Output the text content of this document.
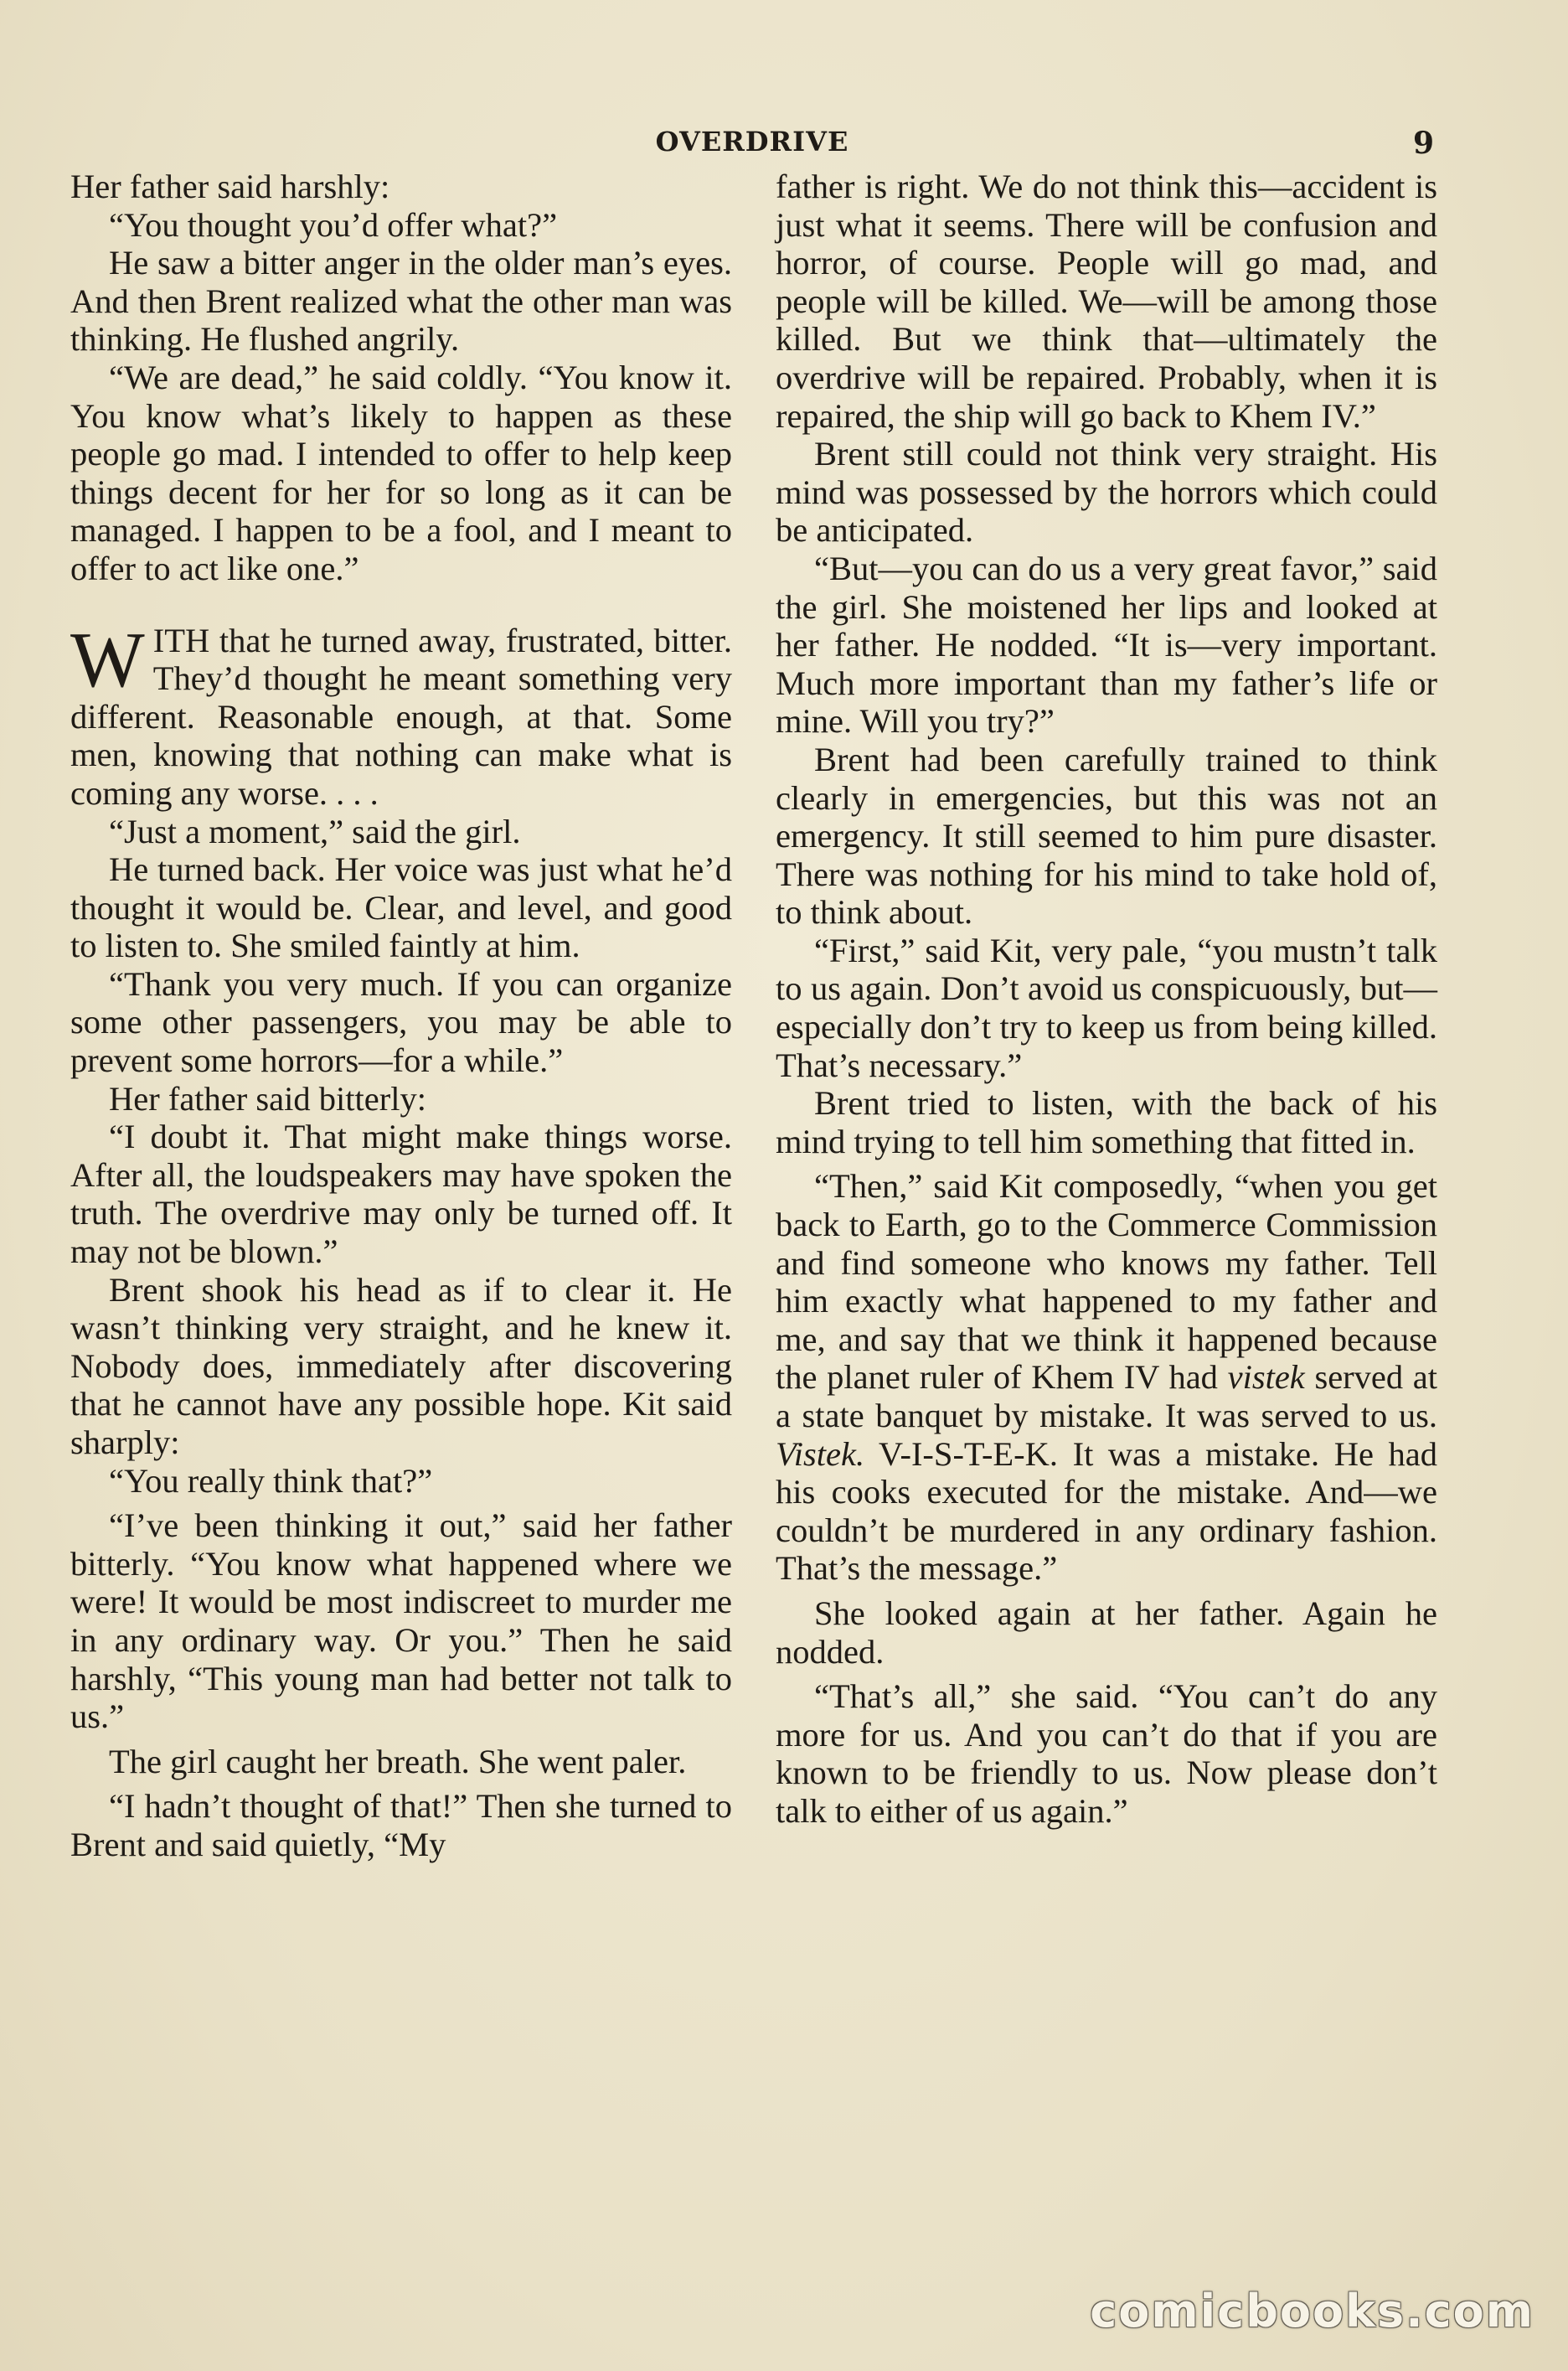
OVERDRIVE	9

Her father said harshly:

“You thought you’d offer what?”

He saw a bitter anger in the older man’s eyes. And then Brent realized what the other man was thinking. He flushed angrily.

“We are dead,” he said coldly. “You know it. You know what’s likely to happen as these people go mad. I intended to offer to help keep things decent for her for so long as it can be managed. I happen to be a fool, and I meant to offer to act like one.”

WITH that he turned away, frustrated, bitter. They’d thought he meant something very different. Reasonable enough, at that. Some men, knowing that nothing can make what is coming any worse. . . .

“Just a moment,” said the girl.

He turned back. Her voice was just what he’d thought it would be. Clear, and level, and good to listen to. She smiled faintly at him.

“Thank you very much. If you can organize some other passengers, you may be able to prevent some horrors—for a while.”

Her father said bitterly:

“I doubt it. That might make things worse. After all, the loudspeakers may have spoken the truth. The overdrive may only be turned off. It may not be blown.”

Brent shook his head as if to clear it. He wasn’t thinking very straight, and he knew it. Nobody does, immediately after discovering that he cannot have any possible hope. Kit said sharply:

“You really think that?”

“I’ve been thinking it out,” said her father bitterly. “You know what happened where we were! It would be most indiscreet to murder me in any ordinary way. Or you.” Then he said harshly, “This young man had better not talk to us.”

The girl caught her breath. She went paler.

“I hadn’t thought of that!” Then she turned to Brent and said quietly, “My

father is right. We do not think this—accident is just what it seems. There will be confusion and horror, of course. People will go mad, and people will be killed. We—will be among those killed. But we think that—ultimately the overdrive will be repaired. Probably, when it is repaired, the ship will go back to Khem IV.”

Brent still could not think very straight. His mind was possessed by the horrors which could be anticipated.

“But—you can do us a very great favor,” said the girl. She moistened her lips and looked at her father. He nodded. “It is—very important. Much more important than my father’s life or mine. Will you try?”

Brent had been carefully trained to think clearly in emergencies, but this was not an emergency. It still seemed to him pure disaster. There was nothing for his mind to take hold of, to think about.

“First,” said Kit, very pale, “you mustn’t talk to us again. Don’t avoid us conspicuously, but—especially don’t try to keep us from being killed. That’s necessary.”

Brent tried to listen, with the back of his mind trying to tell him something that fitted in.

“Then,” said Kit composedly, “when you get back to Earth, go to the Commerce Commission and find someone who knows my father. Tell him exactly what happened to my father and me, and say that we think it happened because the planet ruler of Khem IV had vistek served at a state banquet by mistake. It was served to us. Vistek. V-I-S-T-E-K. It was a mistake. He had his cooks executed for the mistake. And—we couldn’t be murdered in any ordinary fashion. That’s the message.”

She looked again at her father. Again he nodded.

“That’s all,” she said. “You can’t do any more for us. And you can’t do that if you are known to be friendly to us. Now please don’t talk to either of us again.”

comicbooks.com
